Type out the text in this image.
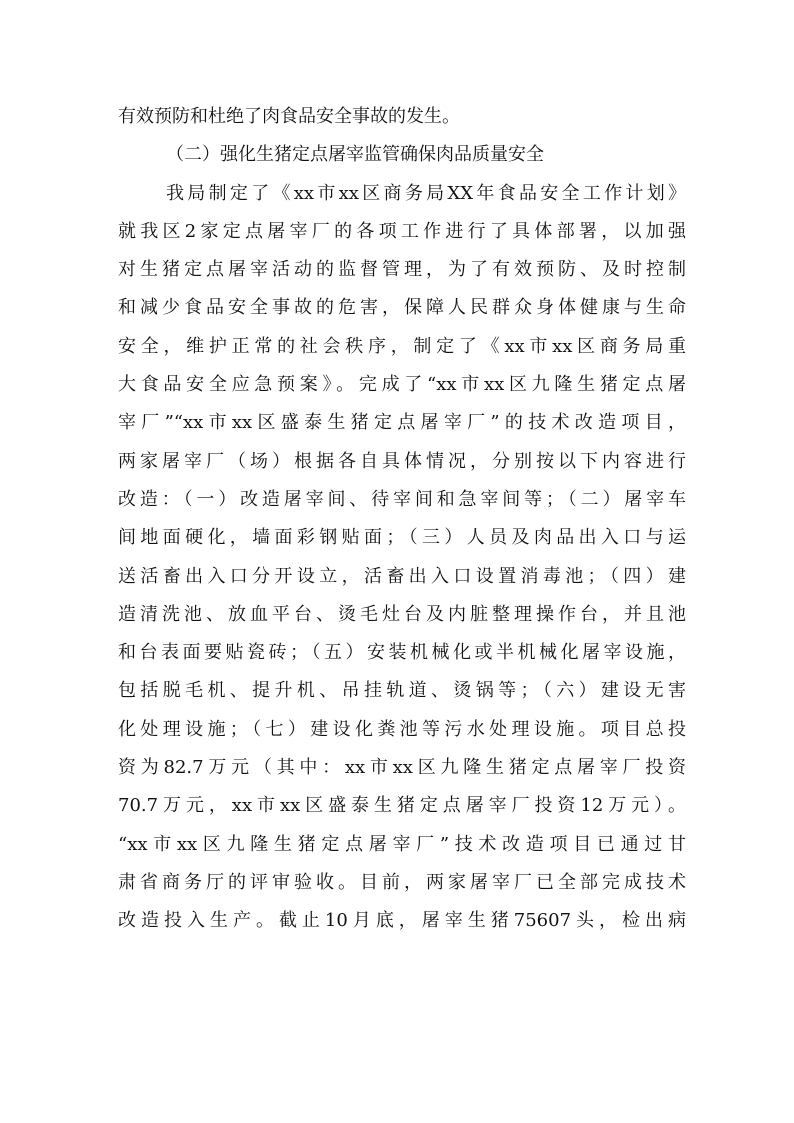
有效预防和杜绝了肉食品安全事故的发生。
（二）强化生猪定点屠宰监管确保肉品质量安全
我局制定了《xx市xx区商务局XX年食品安全工作计划》
就我区2家定点屠宰厂的各项工作进行了具体部署，以加强
对生猪定点屠宰活动的监督管理，为了有效预防、及时控制
和减少食品安全事故的危害，保障人民群众身体健康与生命
安全，维护正常的社会秩序，制定了《xx市xx区商务局重
大食品安全应急预案》。完成了“xx市xx区九隆生猪定点屠
宰厂”“xx市xx区盛泰生猪定点屠宰厂”的技术改造项目，
两家屠宰厂（场）根据各自具体情况，分别按以下内容进行
改造：（一）改造屠宰间、待宰间和急宰间等；（二）屠宰车
间地面硬化，墙面彩钢贴面；（三）人员及肉品出入口与运
送活畜出入口分开设立，活畜出入口设置消毒池；（四）建
造清洗池、放血平台、烫毛灶台及内脏整理操作台，并且池
和台表面要贴瓷砖；（五）安装机械化或半机械化屠宰设施，
包括脱毛机、提升机、吊挂轨道、烫锅等；（六）建设无害
化处理设施；（七）建设化粪池等污水处理设施。项目总投
资为82.7万元（其中：xx市xx区九隆生猪定点屠宰厂投资
70.7万元，xx市xx区盛泰生猪定点屠宰厂投资12万元）。
“xx市xx区九隆生猪定点屠宰厂”技术改造项目已通过甘
肃省商务厅的评审验收。目前，两家屠宰厂已全部完成技术
改造投入生产。截止10月底，屠宰生猪75607头，检出病
